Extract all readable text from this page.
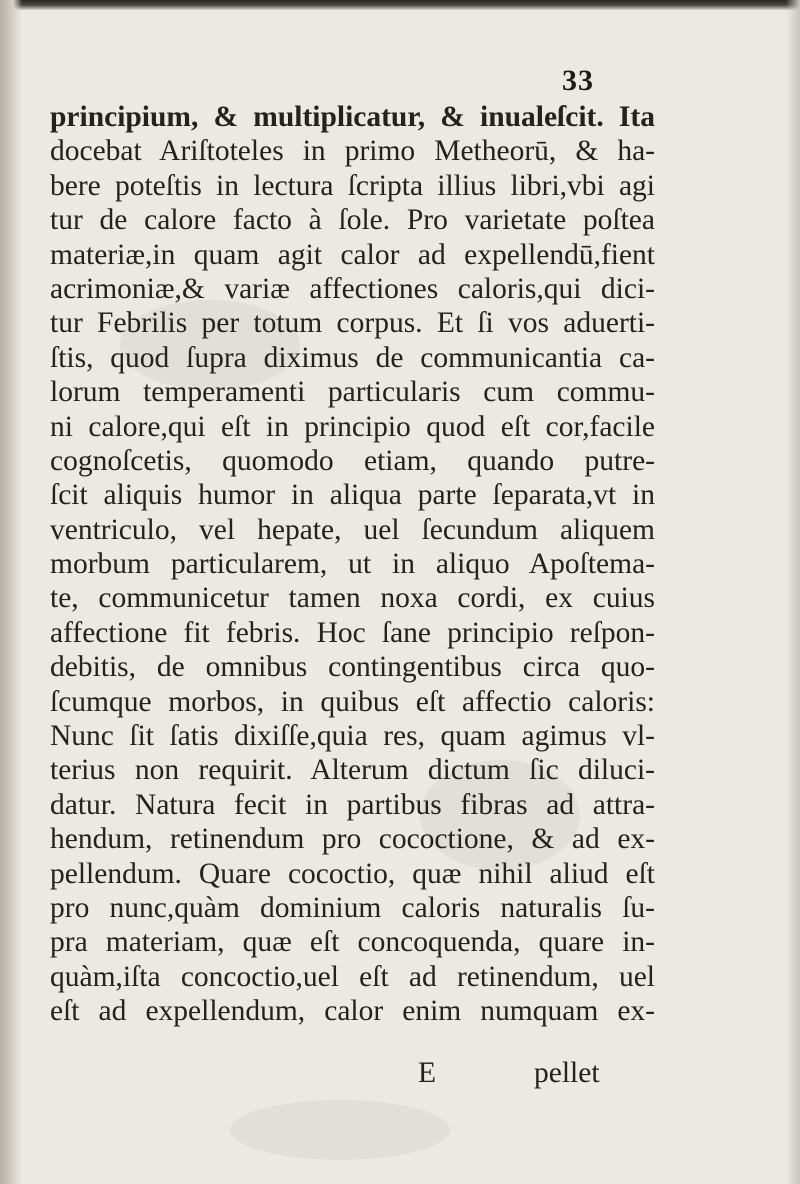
33
principium, & multiplicatur, & inualeſcit. Ita
docebat Ariſtoteles in primo Metheorū, & ha-
bere poteſtis in lectura ſcripta illius libri,vbi agi
tur de calore facto à ſole. Pro varietate poſtea
materiæ,in quam agit calor ad expellendū,fient
acrimoniæ,& variæ affectiones caloris,qui dici-
tur Febrilis per totum corpus. Et ſi vos aduerti-
ſtis, quod ſupra diximus de communicantia ca-
lorum temperamenti particularis cum commu-
ni calore,qui eſt in principio quod eſt cor,facile
cognoſcetis, quomodo etiam, quando putre-
ſcit aliquis humor in aliqua parte ſeparata,vt in
ventriculo, vel hepate, uel ſecundum aliquem
morbum particularem, ut in aliquo Apoſtema-
te, communicetur tamen noxa cordi, ex cuius
affectione fit febris. Hoc ſane principio reſpon-
debitis, de omnibus contingentibus circa quo-
ſcumque morbos, in quibus eſt affectio caloris:
Nunc ſit ſatis dixiſſe,quia res, quam agimus vl-
terius non requirit. Alterum dictum ſic diluci-
datur. Natura fecit in partibus fibras ad attra-
hendum, retinendum pro cococtione, & ad ex-
pellendum. Quare cococtio, quæ nihil aliud eſt
pro nunc,quàm dominium caloris naturalis ſu-
pra materiam, quæ eſt concoquenda, quare in-
quàm,iſta concoctio,uel eſt ad retinendum, uel
eſt ad expellendum, calor enim numquam ex-
E	pellet
